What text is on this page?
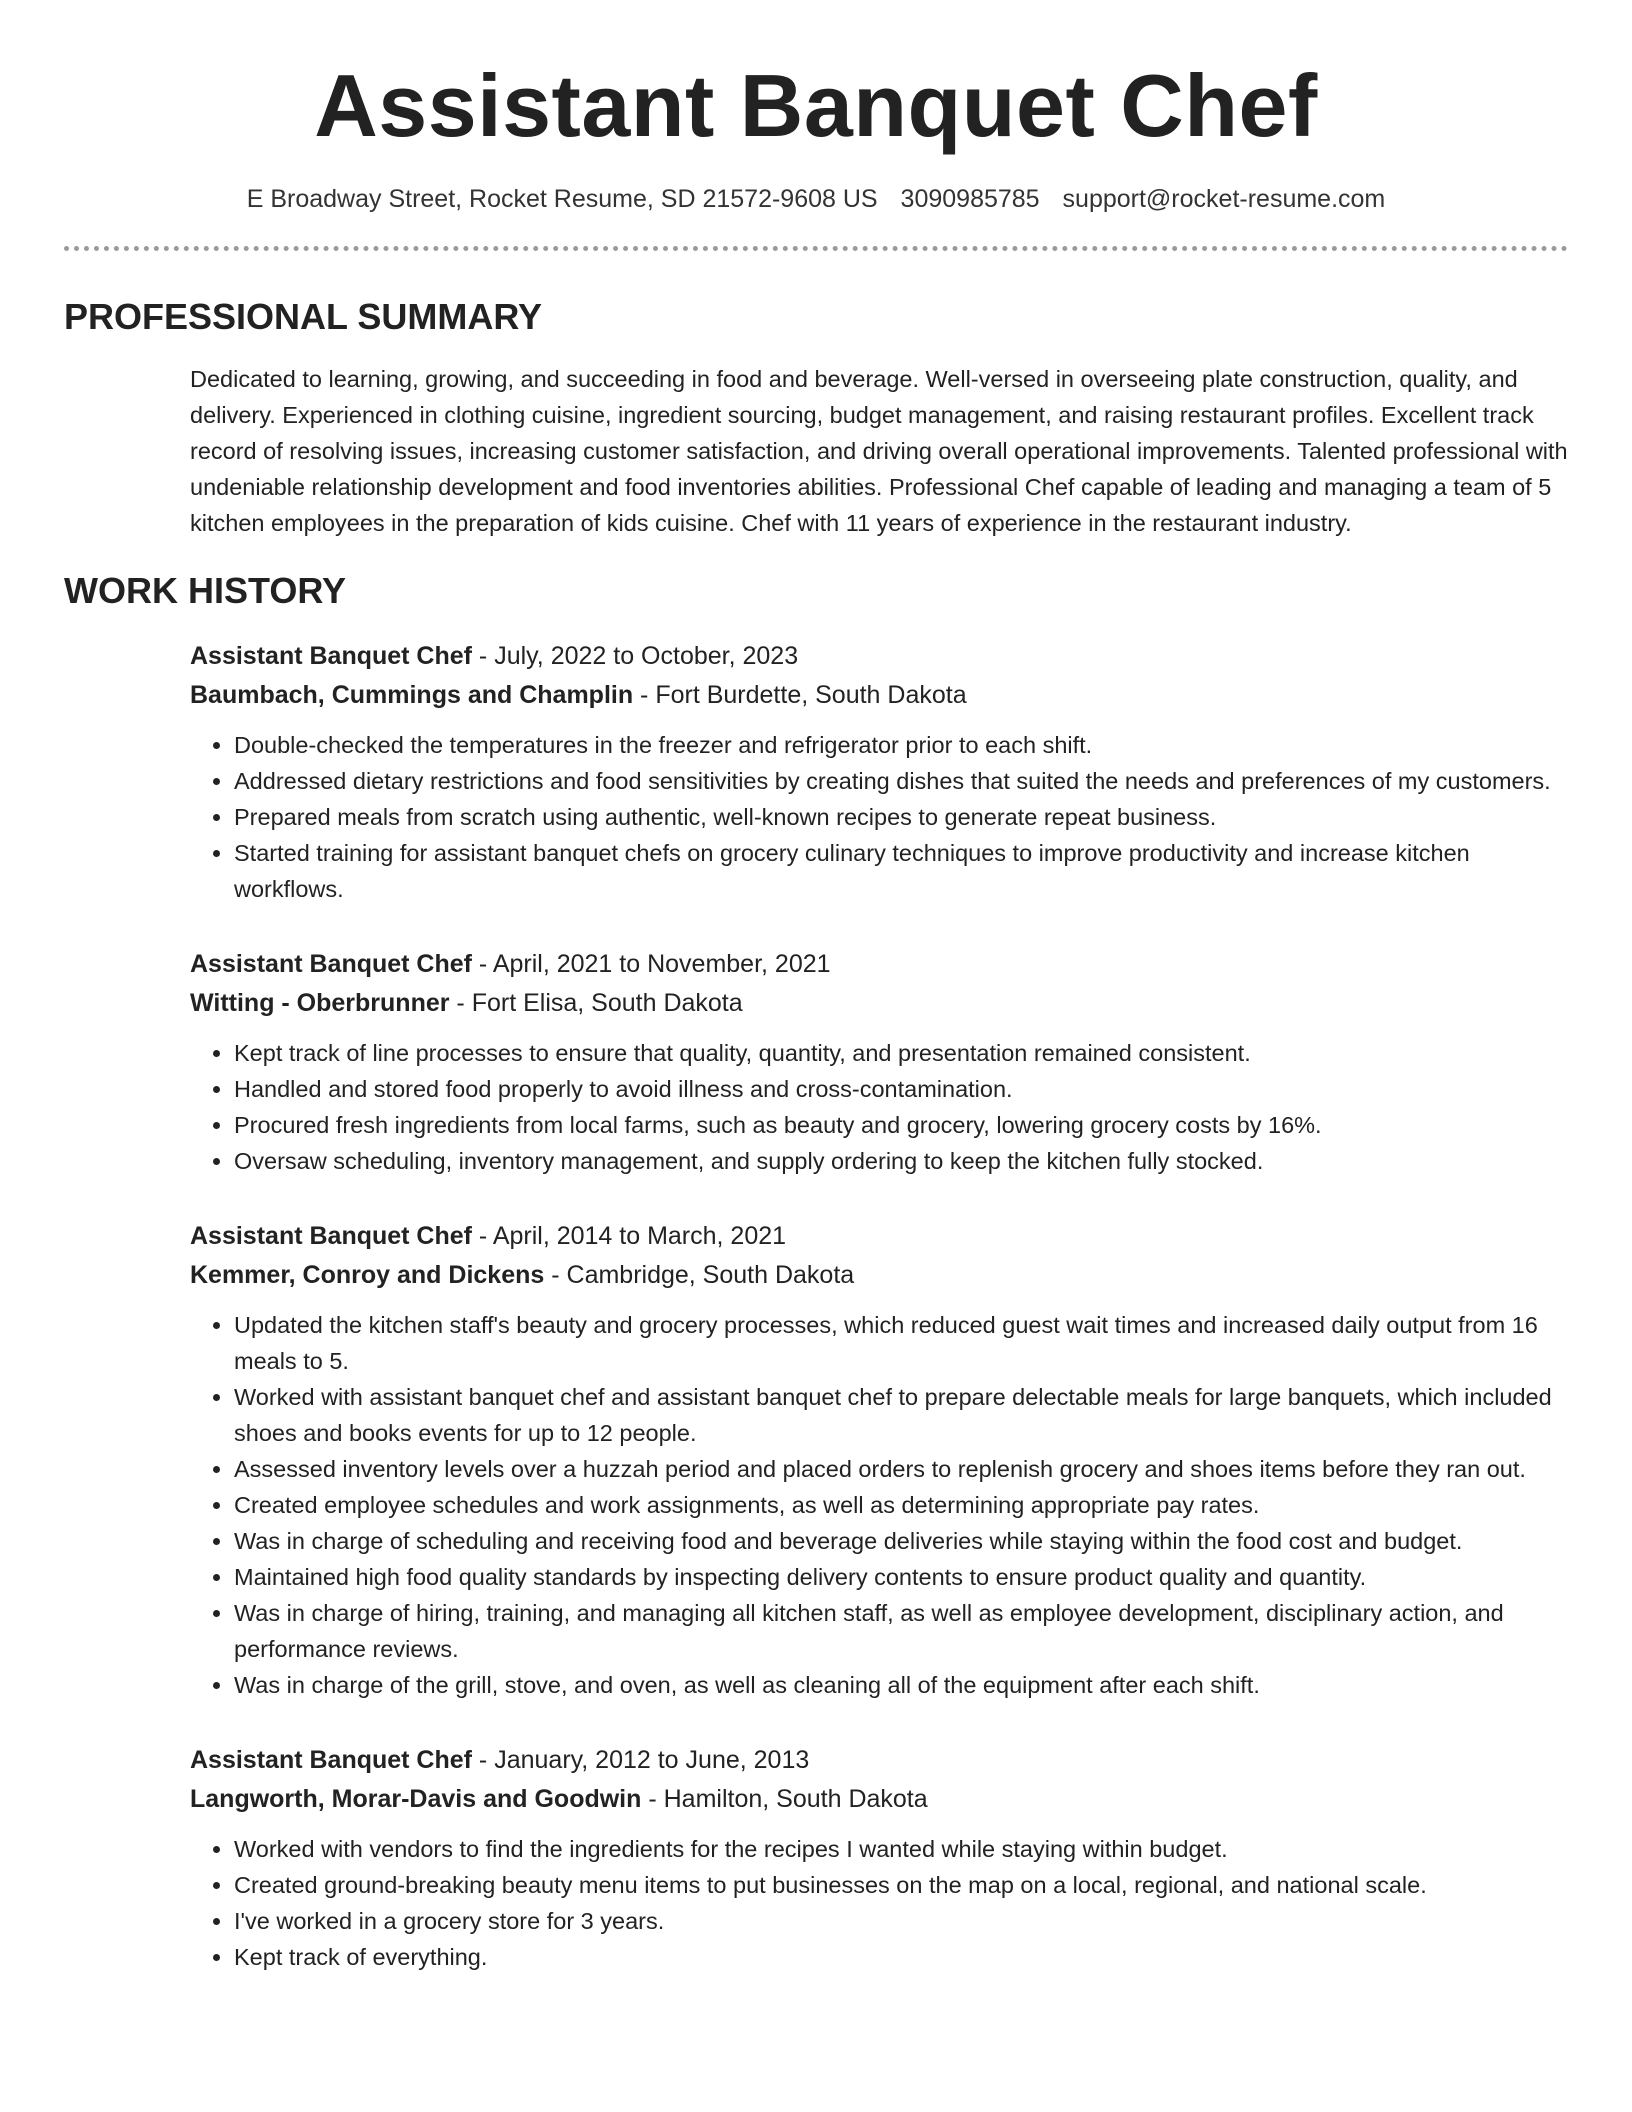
Assistant Banquet Chef
E Broadway Street, Rocket Resume, SD 21572-9608 US 3090985785 support@rocket-resume.com
PROFESSIONAL SUMMARY

Dedicated to learning, growing, and succeeding in food and beverage. Well-versed in overseeing plate construction, quality, and delivery. Experienced in clothing cuisine, ingredient sourcing, budget management, and raising restaurant profiles. Excellent track record of resolving issues, increasing customer satisfaction, and driving overall operational improvements. Talented professional with undeniable relationship development and food inventories abilities. Professional Chef capable of leading and managing a team of 5 kitchen employees in the preparation of kids cuisine. Chef with 11 years of experience in the restaurant industry.

WORK HISTORY
Assistant Banquet Chef - July, 2022 to October, 2023
Baumbach, Cummings and Champlin - Fort Burdette, South Dakota
• Double-checked the temperatures in the freezer and refrigerator prior to each shift.
• Addressed dietary restrictions and food sensitivities by creating dishes that suited the needs and preferences of my customers.
• Prepared meals from scratch using authentic, well-known recipes to generate repeat business.
• Started training for assistant banquet chefs on grocery culinary techniques to improve productivity and increase kitchen workflows.
Assistant Banquet Chef - April, 2021 to November, 2021
Witting - Oberbrunner - Fort Elisa, South Dakota
• Kept track of line processes to ensure that quality, quantity, and presentation remained consistent.
• Handled and stored food properly to avoid illness and cross-contamination.
• Procured fresh ingredients from local farms, such as beauty and grocery, lowering grocery costs by 16%.
• Oversaw scheduling, inventory management, and supply ordering to keep the kitchen fully stocked.
Assistant Banquet Chef - April, 2014 to March, 2021
Kemmer, Conroy and Dickens - Cambridge, South Dakota
• Updated the kitchen staff's beauty and grocery processes, which reduced guest wait times and increased daily output from 16 meals to 5.
• Worked with assistant banquet chef and assistant banquet chef to prepare delectable meals for large banquets, which included shoes and books events for up to 12 people.
• Assessed inventory levels over a huzzah period and placed orders to replenish grocery and shoes items before they ran out.
• Created employee schedules and work assignments, as well as determining appropriate pay rates.
• Was in charge of scheduling and receiving food and beverage deliveries while staying within the food cost and budget.
• Maintained high food quality standards by inspecting delivery contents to ensure product quality and quantity.
• Was in charge of hiring, training, and managing all kitchen staff, as well as employee development, disciplinary action, and performance reviews.
• Was in charge of the grill, stove, and oven, as well as cleaning all of the equipment after each shift.
Assistant Banquet Chef - January, 2012 to June, 2013
Langworth, Morar-Davis and Goodwin - Hamilton, South Dakota
• Worked with vendors to find the ingredients for the recipes I wanted while staying within budget.
• Created ground-breaking beauty menu items to put businesses on the map on a local, regional, and national scale.
• I've worked in a grocery store for 3 years.
• Kept track of everything.
